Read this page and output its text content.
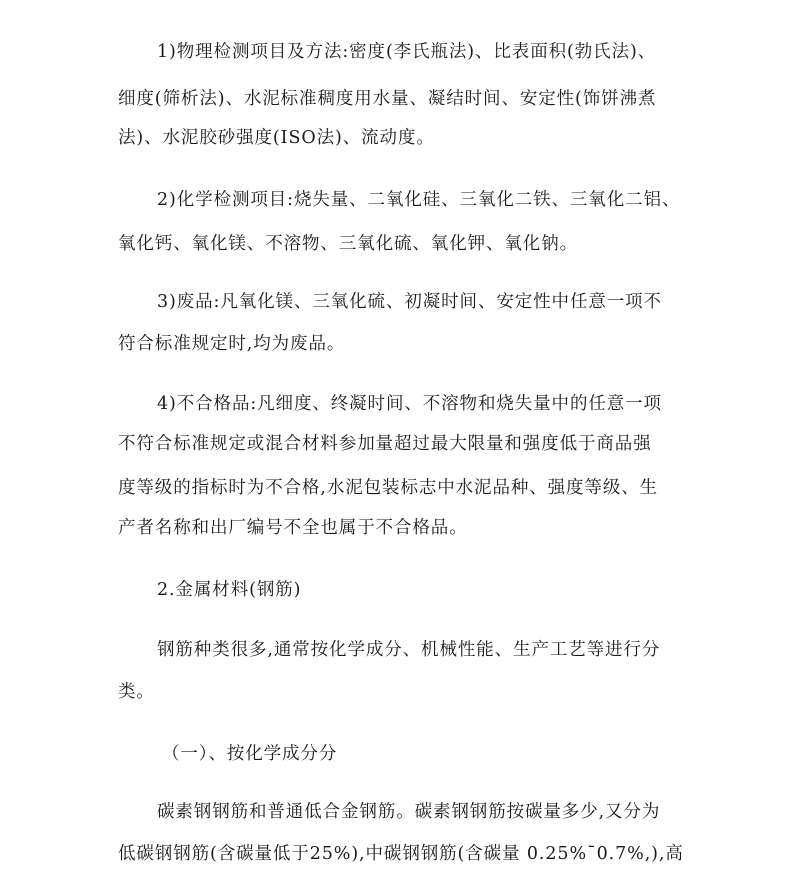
1)物理检测项目及方法:密度(李氏瓶法)、比表面积(勃氏法)、
细度(筛析法)、水泥标准稠度用水量、凝结时间、安定性(饰饼沸煮
法)、水泥胶砂强度(ISO法)、流动度。
2)化学检测项目:烧失量、二氧化硅、三氧化二铁、三氧化二铝、
氧化钙、氧化镁、不溶物、三氧化硫、氧化钾、氧化钠。
3)废品:凡氧化镁、三氧化硫、初凝时间、安定性中任意一项不
符合标准规定时,均为废品。
4)不合格品:凡细度、终凝时间、不溶物和烧失量中的任意一项
不符合标准规定或混合材料参加量超过最大限量和强度低于商品强
度等级的指标时为不合格,水泥包装标志中水泥品种、强度等级、生
产者名称和出厂编号不全也属于不合格品。
2.金属材料(钢筋)
钢筋种类很多,通常按化学成分、机械性能、生产工艺等进行分
类。
（一）、按化学成分分
碳素钢钢筋和普通低合金钢筋。碳素钢钢筋按碳量多少,又分为
低碳钢钢筋(含碳量低于25%),中碳钢钢筋(含碳量 0.25%¯0.7%,),高
